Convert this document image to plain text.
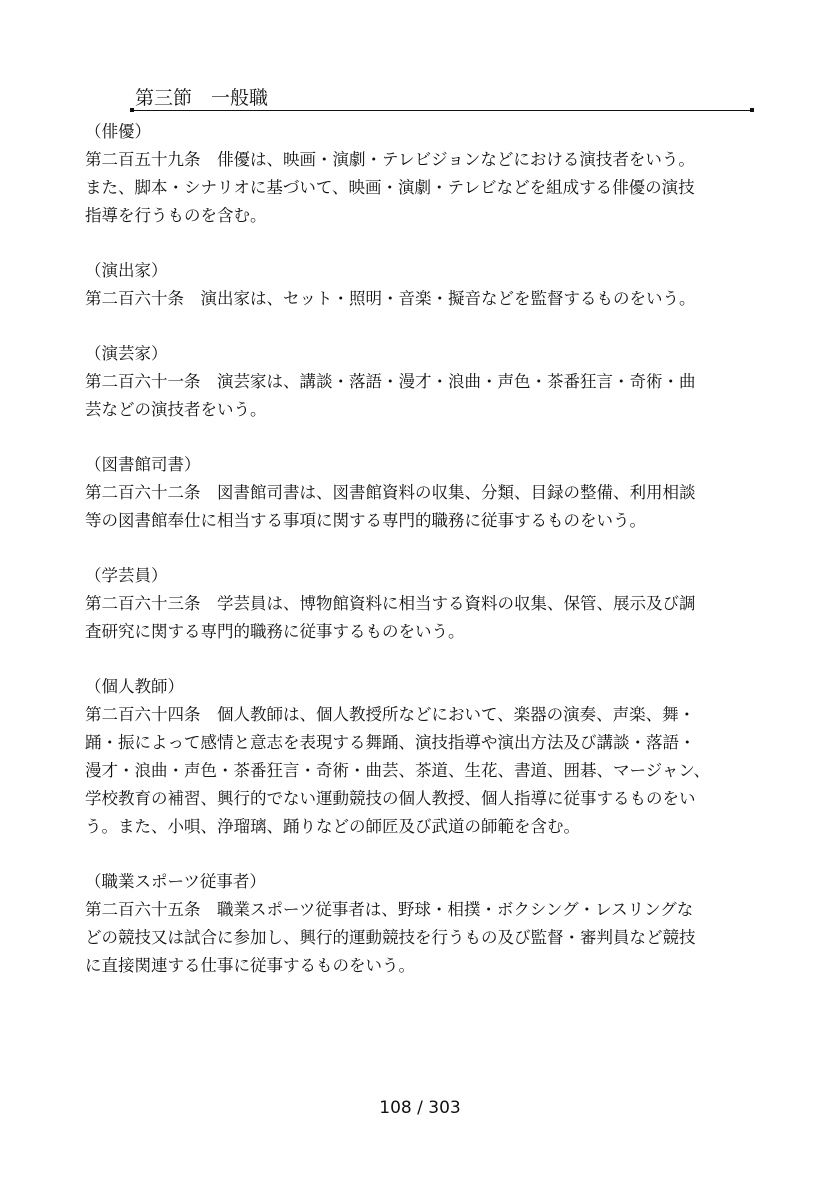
第三節　一般職

（俳優）

第二百五十九条　俳優は、映画・演劇・テレビジョンなどにおける演技者をいう。
また、脚本・シナリオに基づいて、映画・演劇・テレビなどを組成する俳優の演技
指導を行うものを含む。

（演出家）

第二百六十条　演出家は、セット・照明・音楽・擬音などを監督するものをいう。

（演芸家）

第二百六十一条　演芸家は、講談・落語・漫才・浪曲・声色・茶番狂言・奇術・曲
芸などの演技者をいう。

（図書館司書）

第二百六十二条　図書館司書は、図書館資料の収集、分類、目録の整備、利用相談
等の図書館奉仕に相当する事項に関する専門的職務に従事するものをいう。

（学芸員）

第二百六十三条　学芸員は、博物館資料に相当する資料の収集、保管、展示及び調
査研究に関する専門的職務に従事するものをいう。

（個人教師）

第二百六十四条　個人教師は、個人教授所などにおいて、楽器の演奏、声楽、舞・
踊・振によって感情と意志を表現する舞踊、演技指導や演出方法及び講談・落語・
漫才・浪曲・声色・茶番狂言・奇術・曲芸、茶道、生花、書道、囲碁、マージャン、
学校教育の補習、興行的でない運動競技の個人教授、個人指導に従事するものをい
う。また、小唄、浄瑠璃、踊りなどの師匠及び武道の師範を含む。

（職業スポーツ従事者）

第二百六十五条　職業スポーツ従事者は、野球・相撲・ボクシング・レスリングな
どの競技又は試合に参加し、興行的運動競技を行うもの及び監督・審判員など競技
に直接関連する仕事に従事するものをいう。

108 / 303
